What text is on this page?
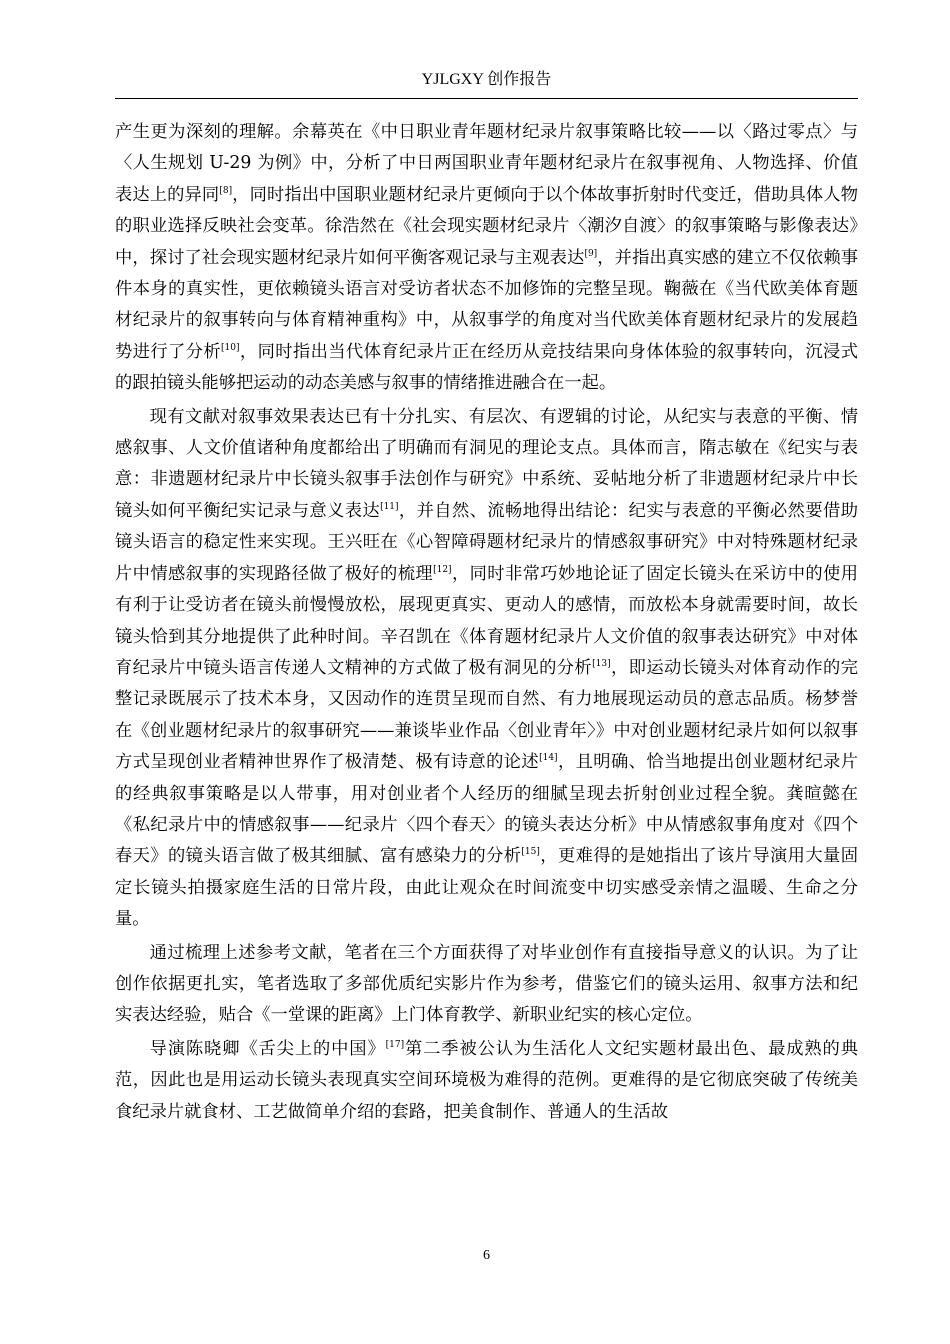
YJLGXY 创作报告

产生更为深刻的理解。余幕英在《中日职业青年题材纪录片叙事策略比较——以〈路过零点〉与〈人生规划 U-29 为例》中，分析了中日两国职业青年题材纪录片在叙事视角、人物选择、价值表达上的异同[8]，同时指出中国职业题材纪录片更倾向于以个体故事折射时代变迁，借助具体人物的职业选择反映社会变革。徐浩然在《社会现实题材纪录片〈潮汐自渡〉的叙事策略与影像表达》中，探讨了社会现实题材纪录片如何平衡客观记录与主观表达[9]，并指出真实感的建立不仅依赖事件本身的真实性，更依赖镜头语言对受访者状态不加修饰的完整呈现。鞠薇在《当代欧美体育题材纪录片的叙事转向与体育精神重构》中，从叙事学的角度对当代欧美体育题材纪录片的发展趋势进行了分析[10]，同时指出当代体育纪录片正在经历从竞技结果向身体体验的叙事转向，沉浸式的跟拍镜头能够把运动的动态美感与叙事的情绪推进融合在一起。

现有文献对叙事效果表达已有十分扎实、有层次、有逻辑的讨论，从纪实与表意的平衡、情感叙事、人文价值诸种角度都给出了明确而有洞见的理论支点。具体而言，隋志敏在《纪实与表意：非遗题材纪录片中长镜头叙事手法创作与研究》中系统、妥帖地分析了非遗题材纪录片中长镜头如何平衡纪实记录与意义表达[11]，并自然、流畅地得出结论：纪实与表意的平衡必然要借助镜头语言的稳定性来实现。王兴旺在《心智障碍题材纪录片的情感叙事研究》中对特殊题材纪录片中情感叙事的实现路径做了极好的梳理[12]，同时非常巧妙地论证了固定长镜头在采访中的使用有利于让受访者在镜头前慢慢放松，展现更真实、更动人的感情，而放松本身就需要时间，故长镜头恰到其分地提供了此种时间。辛召凯在《体育题材纪录片人文价值的叙事表达研究》中对体育纪录片中镜头语言传递人文精神的方式做了极有洞见的分析[13]，即运动长镜头对体育动作的完整记录既展示了技术本身，又因动作的连贯呈现而自然、有力地展现运动员的意志品质。杨梦誉在《创业题材纪录片的叙事研究——兼谈毕业作品〈创业青年〉》中对创业题材纪录片如何以叙事方式呈现创业者精神世界作了极清楚、极有诗意的论述[14]，且明确、恰当地提出创业题材纪录片的经典叙事策略是以人带事，用对创业者个人经历的细腻呈现去折射创业过程全貌。龚暄懿在《私纪录片中的情感叙事——纪录片〈四个春天〉的镜头表达分析》中从情感叙事角度对《四个春天》的镜头语言做了极其细腻、富有感染力的分析[15]，更难得的是她指出了该片导演用大量固定长镜头拍摄家庭生活的日常片段，由此让观众在时间流变中切实感受亲情之温暖、生命之分量。

通过梳理上述参考文献，笔者在三个方面获得了对毕业创作有直接指导意义的认识。为了让创作依据更扎实，笔者选取了多部优质纪实影片作为参考，借鉴它们的镜头运用、叙事方法和纪实表达经验，贴合《一堂课的距离》上门体育教学、新职业纪实的核心定位。

导演陈晓卿《舌尖上的中国》[17]第二季被公认为生活化人文纪实题材最出色、最成熟的典范，因此也是用运动长镜头表现真实空间环境极为难得的范例。更难得的是它彻底突破了传统美食纪录片就食材、工艺做简单介绍的套路，把美食制作、普通人的生活故

6
